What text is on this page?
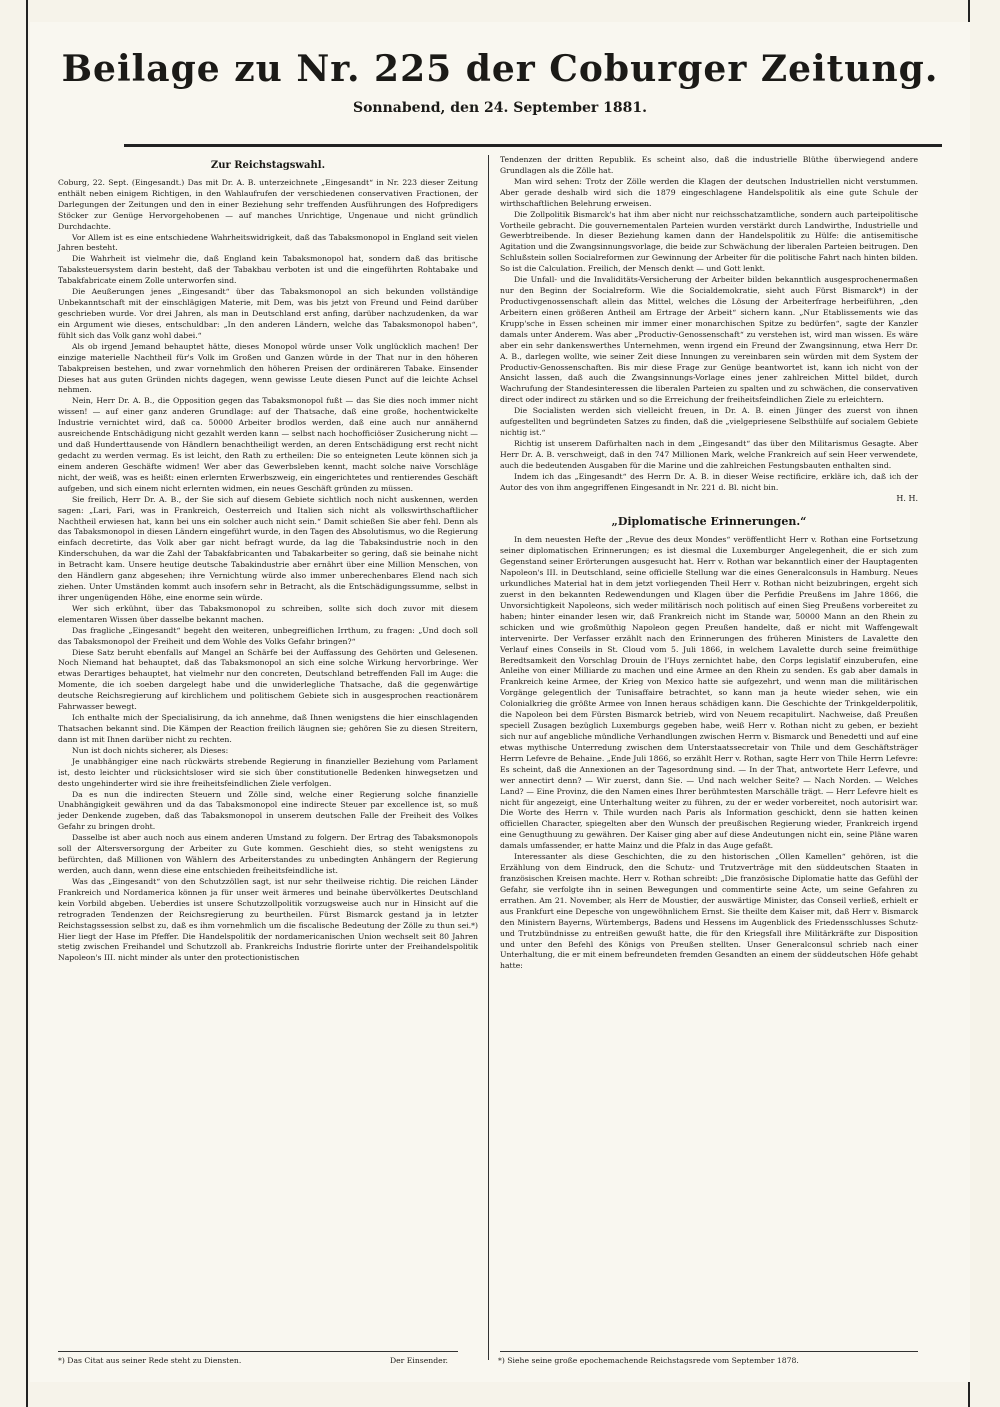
Beilage zu Nr. 225 der Coburger Zeitung.
Sonnabend, den 24. September 1881.
Zur Reichstagswahl.

Coburg, 22. Sept. (Eingesandt.) Das mit Dr. A. B. unterzeichnete „Eingesandt“ in Nr. 223 dieser Zeitung enthält neben einigem Richtigen, in den Wahlaufrufen der verschiedenen conservativen Fractionen, der Darlegungen der Zeitungen und den in einer Beziehung sehr treffenden Ausführungen des Hofpredigers Stöcker zur Genüge Hervorgehobenen — auf manches Unrichtige, Ungenaue und nicht gründlich Durchdachte.

Vor Allem ist es eine entschiedene Wahrheitswidrigkeit, daß das Tabaksmonopol in England seit vielen Jahren besteht.

Die Wahrheit ist vielmehr die, daß England kein Tabaksmonopol hat, sondern daß das britische Tabaksteuersystem darin besteht, daß der Tabakbau verboten ist und die eingeführten Rohtabake und Tabakfabricate einem Zolle unterworfen sind.

Die Aeußerungen jenes „Eingesandt“ über das Tabaksmonopol an sich bekunden vollständige Unbekanntschaft mit der einschlägigen Materie, mit Dem, was bis jetzt von Freund und Feind darüber geschrieben wurde. Vor drei Jahren, als man in Deutschland erst anfing, darüber nachzudenken, da war ein Argument wie dieses, entschuldbar: „In den anderen Ländern, welche das Tabaksmonopol haben“, fühlt sich das Volk ganz wohl dabei.“

Als ob irgend Jemand behauptet hätte, dieses Monopol würde unser Volk unglücklich machen! Der einzige materielle Nachtheil für's Volk im Großen und Ganzen würde in der That nur in den höheren Tabakpreisen bestehen, und zwar vornehmlich den höheren Preisen der ordinäreren Tabake. Einsender Dieses hat aus guten Gründen nichts dagegen, wenn gewisse Leute diesen Punct auf die leichte Achsel nehmen.

Nein, Herr Dr. A. B., die Opposition gegen das Tabaksmonopol fußt — das Sie dies noch immer nicht wissen! — auf einer ganz anderen Grundlage: auf der Thatsache, daß eine große, hochentwickelte Industrie vernichtet wird, daß ca. 50000 Arbeiter brodlos werden, daß eine auch nur annähernd ausreichende Entschädigung nicht gezahlt werden kann — selbst nach hochofficiöser Zusicherung nicht — und daß Hunderttausende von Händlern benachtheiligt werden, an deren Entschädigung erst recht nicht gedacht zu werden vermag. Es ist leicht, den Rath zu ertheilen: Die so enteigneten Leute können sich ja einem anderen Geschäfte widmen! Wer aber das Gewerbsleben kennt, macht solche naive Vorschläge nicht, der weiß, was es heißt: einen erlernten Erwerbszweig, ein eingerichtetes und rentierendes Geschäft aufgeben, und sich einem nicht erlernten widmen, ein neues Geschäft gründen zu müssen.

Sie freilich, Herr Dr. A. B., der Sie sich auf diesem Gebiete sichtlich noch nicht auskennen, werden sagen: „Lari, Fari, was in Frankreich, Oesterreich und Italien sich nicht als volkswirthschaftlicher Nachtheil erwiesen hat, kann bei uns ein solcher auch nicht sein.“ Damit schießen Sie aber fehl. Denn als das Tabaksmonopol in diesen Ländern eingeführt wurde, in den Tagen des Absolutismus, wo die Regierung einfach decretirte, das Volk aber gar nicht befragt wurde, da lag die Tabaksindustrie noch in den Kinderschuhen, da war die Zahl der Tabakfabricanten und Tabakarbeiter so gering, daß sie beinahe nicht in Betracht kam. Unsere heutige deutsche Tabakindustrie aber ernährt über eine Million Menschen, von den Händlern ganz abgesehen; ihre Vernichtung würde also immer unberechenbares Elend nach sich ziehen. Unter Umständen kommt auch insofern sehr in Betracht, als die Entschädigungssumme, selbst in ihrer ungenügenden Höhe, eine enorme sein würde.

Wer sich erkühnt, über das Tabaksmonopol zu schreiben, sollte sich doch zuvor mit diesem elementaren Wissen über dasselbe bekannt machen.

Das fragliche „Eingesandt“ begeht den weiteren, unbegreiflichen Irrthum, zu fragen: „Und doch soll das Tabaksmonopol der Freiheit und dem Wohle des Volks Gefahr bringen?“

Diese Satz beruht ebenfalls auf Mangel an Schärfe bei der Auffassung des Gehörten und Gelesenen. Noch Niemand hat behauptet, daß das Tabaksmonopol an sich eine solche Wirkung hervorbringe. Wer etwas Derartiges behauptet, hat vielmehr nur den concreten, Deutschland betreffenden Fall im Auge: die Momente, die ich soeben dargelegt habe und die unwiderlegliche Thatsache, daß die gegenwärtige deutsche Reichsregierung auf kirchlichem und politischem Gebiete sich in ausgesprochen reactionärem Fahrwasser bewegt.

Ich enthalte mich der Specialisirung, da ich annehme, daß Ihnen wenigstens die hier einschlagenden Thatsachen bekannt sind. Die Kämpen der Reaction freilich läugnen sie; gehören Sie zu diesen Streitern, dann ist mit Ihnen darüber nicht zu rechten.

Nun ist doch nichts sicherer, als Dieses:

Je unabhängiger eine nach rückwärts strebende Regierung in finanzieller Beziehung vom Parlament ist, desto leichter und rücksichtsloser wird sie sich über constitutionelle Bedenken hinwegsetzen und desto ungehinderter wird sie ihre freiheitsfeindlichen Ziele verfolgen.

Da es nun die indirecten Steuern und Zölle sind, welche einer Regierung solche finanzielle Unabhängigkeit gewähren und da das Tabaksmonopol eine indirecte Steuer par excellence ist, so muß jeder Denkende zugeben, daß das Tabaksmonopol in unserem deutschen Falle der Freiheit des Volkes Gefahr zu bringen droht.

Dasselbe ist aber auch noch aus einem anderen Umstand zu folgern. Der Ertrag des Tabaksmonopols soll der Altersversorgung der Arbeiter zu Gute kommen. Geschieht dies, so steht wenigstens zu befürchten, daß Millionen von Wählern des Arbeiterstandes zu unbedingten Anhängern der Regierung werden, auch dann, wenn diese eine entschieden freiheitsfeindliche ist.

Was das „Eingesandt“ von den Schutzzöllen sagt, ist nur sehr theilweise richtig. Die reichen Länder Frankreich und Nordamerica können ja für unser weit ärmeres und beinahe übervölkertes Deutschland kein Vorbild abgeben. Ueberdies ist unsere Schutzzollpolitik vorzugsweise auch nur in Hinsicht auf die retrograden Tendenzen der Reichsregierung zu beurtheilen. Fürst Bismarck gestand ja in letzter Reichstagssession selbst zu, daß es ihm vornehmlich um die fiscalische Bedeutung der Zölle zu thun sei.*) Hier liegt der Hase im Pfeffer. Die Handelspolitik der nordamericanischen Union wechselt seit 80 Jahren stetig zwischen Freihandel und Schutzzoll ab. Frankreichs Industrie florirte unter der Freihandelspolitik Napoleon's III. nicht minder als unter den protectionistischen

Tendenzen der dritten Republik. Es scheint also, daß die industrielle Blüthe überwiegend andere Grundlagen als die Zölle hat.

Man wird sehen: Trotz der Zölle werden die Klagen der deutschen Industriellen nicht verstummen. Aber gerade deshalb wird sich die 1879 eingeschlagene Handelspolitik als eine gute Schule der wirthschaftlichen Belehrung erweisen.

Die Zollpolitik Bismarck's hat ihm aber nicht nur reichsschatzamtliche, sondern auch parteipolitische Vortheile gebracht. Die gouvernementalen Parteien wurden verstärkt durch Landwirthe, Industrielle und Gewerbtreibende. In dieser Beziehung kamen dann der Handelspolitik zu Hülfe: die antisemitische Agitation und die Zwangsinnungsvorlage, die beide zur Schwächung der liberalen Parteien beitrugen. Den Schlußstein sollen Socialreformen zur Gewinnung der Arbeiter für die politische Fahrt nach hinten bilden. So ist die Calculation. Freilich, der Mensch denkt — und Gott lenkt.

Die Unfall- und die Invaliditäts-Versicherung der Arbeiter bilden bekanntlich ausgesprochenermaßen nur den Beginn der Socialreform. Wie die Socialdemokratie, sieht auch Fürst Bismarck*) in der Productivgenossenschaft allein das Mittel, welches die Lösung der Arbeiterfrage herbeiführen, „den Arbeitern einen größeren Antheil am Ertrage der Arbeit“ sichern kann. „Nur Etablissements wie das Krupp'sche in Essen scheinen mir immer einer monarchischen Spitze zu bedürfen“, sagte der Kanzler damals unter Anderem. Was aber „Productiv-Genossenschaft“ zu verstehen ist, wird man wissen. Es wäre aber ein sehr dankenswerthes Unternehmen, wenn irgend ein Freund der Zwangsinnung, etwa Herr Dr. A. B., darlegen wollte, wie seiner Zeit diese Innungen zu vereinbaren sein würden mit dem System der Productiv-Genossenschaften. Bis mir diese Frage zur Genüge beantwortet ist, kann ich nicht von der Ansicht lassen, daß auch die Zwangsinnungs-Vorlage eines jener zahlreichen Mittel bildet, durch Wachrufung der Standesinteressen die liberalen Parteien zu spalten und zu schwächen, die conservativen direct oder indirect zu stärken und so die Erreichung der freiheitsfeindlichen Ziele zu erleichtern.

Die Socialisten werden sich vielleicht freuen, in Dr. A. B. einen Jünger des zuerst von ihnen aufgestellten und begründeten Satzes zu finden, daß die „vielgepriesene Selbsthülfe auf socialem Gebiete nichtig ist.“

Richtig ist unserem Dafürhalten nach in dem „Eingesandt“ das über den Militarismus Gesagte. Aber Herr Dr. A. B. verschweigt, daß in den 747 Millionen Mark, welche Frankreich auf sein Heer verwendete, auch die bedeutenden Ausgaben für die Marine und die zahlreichen Festungsbauten enthalten sind.

Indem ich das „Eingesandt“ des Herrn Dr. A. B. in dieser Weise rectificire, erkläre ich, daß ich der Autor des von ihm angegriffenen Eingesandt in Nr. 221 d. Bl. nicht bin.

H. H.
„Diplomatische Erinnerungen.“

In dem neuesten Hefte der „Revue des deux Mondes“ veröffentlicht Herr v. Rothan eine Fortsetzung seiner diplomatischen Erinnerungen; es ist diesmal die Luxemburger Angelegenheit, die er sich zum Gegenstand seiner Erörterungen ausgesucht hat. Herr v. Rothan war bekanntlich einer der Hauptagenten Napoleon's III. in Deutschland, seine officielle Stellung war die eines Generalconsuls in Hamburg. Neues urkundliches Material hat in dem jetzt vorliegenden Theil Herr v. Rothan nicht beizubringen, ergeht sich zuerst in den bekannten Redewendungen und Klagen über die Perfidie Preußens im Jahre 1866, die Unvorsichtigkeit Napoleons, sich weder militärisch noch politisch auf einen Sieg Preußens vorbereitet zu haben; hinter einander lesen wir, daß Frankreich nicht im Stande war, 50000 Mann an den Rhein zu schicken und wie großmüthig Napoleon gegen Preußen handelte, daß er nicht mit Waffengewalt intervenirte. Der Verfasser erzählt nach den Erinnerungen des früheren Ministers de Lavalette den Verlauf eines Conseils in St. Cloud vom 5. Juli 1866, in welchem Lavalette durch seine freimüthige Beredtsamkeit den Vorschlag Drouin de l'Huys zernichtet habe, den Corps legislatif einzuberufen, eine Anleihe von einer Milliarde zu machen und eine Armee an den Rhein zu senden. Es gab aber damals in Frankreich keine Armee, der Krieg von Mexico hatte sie aufgezehrt, und wenn man die militärischen Vorgänge gelegentlich der Tunisaffaire betrachtet, so kann man ja heute wieder sehen, wie ein Colonialkrieg die größte Armee von Innen heraus schädigen kann. Die Geschichte der Trinkgelderpolitik, die Napoleon bei dem Fürsten Bismarck betrieb, wird von Neuem recapitulirt. Nachweise, daß Preußen speciell Zusagen bezüglich Luxemburgs gegeben habe, weiß Herr v. Rothan nicht zu geben, er bezieht sich nur auf angebliche mündliche Verhandlungen zwischen Herrn v. Bismarck und Benedetti und auf eine etwas mythische Unterredung zwischen dem Unterstaatssecretair von Thile und dem Geschäftsträger Herrn Lefevre de Behaine. „Ende Juli 1866, so erzählt Herr v. Rothan, sagte Herr von Thile Herrn Lefevre: Es scheint, daß die Annexionen an der Tagesordnung sind. — In der That, antwortete Herr Lefevre, und wer annectirt denn? — Wir zuerst, dann Sie. — Und nach welcher Seite? — Nach Norden. — Welches Land? — Eine Provinz, die den Namen eines Ihrer berühmtesten Marschälle trägt. — Herr Lefevre hielt es nicht für angezeigt, eine Unterhaltung weiter zu führen, zu der er weder vorbereitet, noch autorisirt war. Die Worte des Herrn v. Thile wurden nach Paris als Information geschickt, denn sie hatten keinen officiellen Character, spiegelten aber den Wunsch der preußischen Regierung wieder, Frankreich irgend eine Genugthuung zu gewähren. Der Kaiser ging aber auf diese Andeutungen nicht ein, seine Pläne waren damals umfassender, er hatte Mainz und die Pfalz in das Auge gefaßt.

Interessanter als diese Geschichten, die zu den historischen „Ollen Kamellen“ gehören, ist die Erzählung von dem Eindruck, den die Schutz- und Trutzverträge mit den süddeutschen Staaten in französischen Kreisen machte. Herr v. Rothan schreibt: „Die französische Diplomatie hatte das Gefühl der Gefahr, sie verfolgte ihn in seinen Bewegungen und commentirte seine Acte, um seine Gefahren zu errathen. Am 21. November, als Herr de Moustier, der auswärtige Minister, das Conseil verließ, erhielt er aus Frankfurt eine Depesche von ungewöhnlichem Ernst. Sie theilte dem Kaiser mit, daß Herr v. Bismarck den Ministern Bayerns, Würtembergs, Badens und Hessens im Augenblick des Friedensschlusses Schutz- und Trutzbündnisse zu entreißen gewußt hatte, die für den Kriegsfall ihre Militärkräfte zur Disposition und unter den Befehl des Königs von Preußen stellten. Unser Generalconsul schrieb nach einer Unterhaltung, die er mit einem befreundeten fremden Gesandten an einem der süddeutschen Höfe gehabt hatte:

*) Das Citat aus seiner Rede steht zu Diensten.	Der Einsender.	*) Siehe seine große epochemachende Reichstagsrede vom September 1878.
